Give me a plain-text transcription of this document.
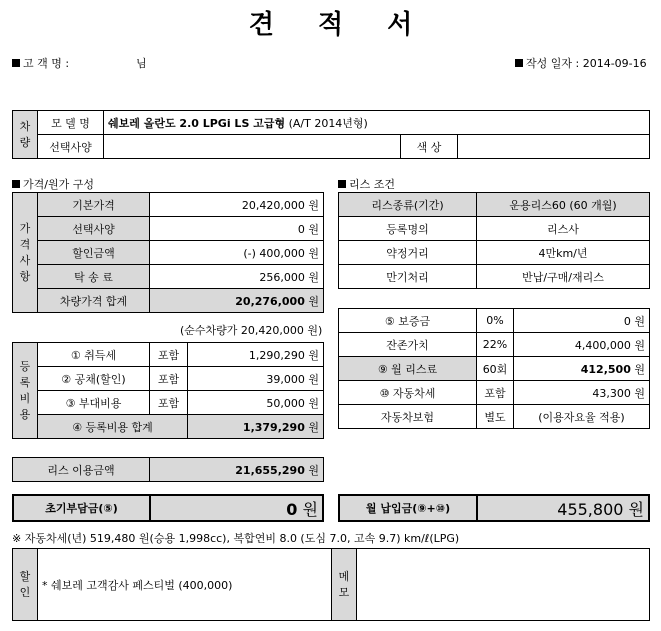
견 적 서
고 객 명 :	님	작성 일자 : 2014-09-16
차
량	모 델 명	쉐보레 올란도 2.0 LPGi LS 고급형 (A/T 2014년형)		
	선택사양		색 상	
가격/원가 구성	리스 조건
가
격
사
항	기본가격	20,420,000 원
	선택사양	0 원
	할인금액	(-) 400,000 원
	탁 송 료	256,000 원
	차량가격 합계	20,276,000 원
(순수차량가 20,420,000 원)
등
록
비
용	① 취득세	포함	1,290,290 원
	② 공채(할인)	포함	39,000 원
	③ 부대비용	포함	50,000 원
	④ 등록비용 합계		1,379,290 원
리스 이용금액	21,655,290 원
리스종류(기간)	운용리스60 (60 개월)
등록명의	리스사
약정거리	4만km/년
만기처리	반납/구매/재리스
⑤ 보증금	0%	0 원
잔존가치	22%	4,400,000 원
⑨ 월 리스료	60회	412,500 원
⑩ 자동차세	포함	43,300 원
자동차보험	별도	(이용자요율 적용)
초기부담금(⑤)	0 원	월 납입금(⑨+⑩)	455,800 원
※ 자동차세(년) 519,480 원(승용 1,998cc), 복합연비 8.0 (도심 7.0, 고속 9.7) km/ℓ(LPG)
할
인
	* 쉐보레 고객감사 페스티벌 (400,000)	
메
모
